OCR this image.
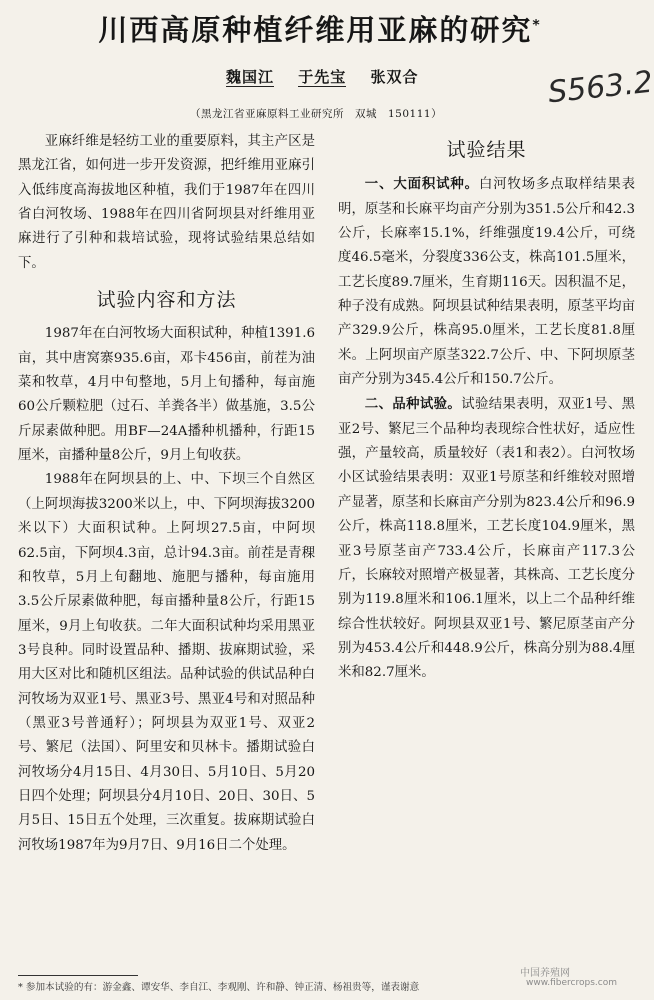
川西高原种植纤维用亚麻的研究*
魏国江 于先宝 张双合	S563.2
（黑龙江省亚麻原料工业研究所　双城　150111）

亚麻纤维是轻纺工业的重要原料，其主产区是黑龙江省，如何进一步开发资源，把纤维用亚麻引入低纬度高海拔地区种植，我们于1987年在四川省白河牧场、1988年在四川省阿坝县对纤维用亚麻进行了引种和栽培试验，现将试验结果总结如下。

试验内容和方法

1987年在白河牧场大面积试种，种植1391.6亩，其中唐窝寨935.6亩，邓卡456亩，前茬为油菜和牧草，4月中旬整地，5月上旬播种，每亩施60公斤颗粒肥（过石、羊粪各半）做基施，3.5公斤尿素做种肥。用BF—24A播种机播种，行距15厘米，亩播种量8公斤，9月上旬收获。

1988年在阿坝县的上、中、下坝三个自然区（上阿坝海拔3200米以上，中、下阿坝海拔3200米以下）大面积试种。上阿坝27.5亩，中阿坝62.5亩，下阿坝4.3亩，总计94.3亩。前茬是青稞和牧草，5月上旬翻地、施肥与播种，每亩施用3.5公斤尿素做种肥，每亩播种量8公斤，行距15厘米，9月上旬收获。二年大面积试种均采用黑亚3号良种。同时设置品种、播期、拔麻期试验，采用大区对比和随机区组法。品种试验的供试品种白河牧场为双亚1号、黑亚3号、黑亚4号和对照品种（黑亚3号普通籽）；阿坝县为双亚1号、双亚2号、繁尼（法国）、阿里安和贝林卡。播期试验白河牧场分4月15日、4月30日、5月10日、5月20日四个处理；阿坝县分4月10日、20日、30日、5月5日、15日五个处理，三次重复。拔麻期试验白河牧场1987年为9月7日、9月16日二个处理。

试验结果

一、大面积试种。白河牧场多点取样结果表明，原茎和长麻平均亩产分别为351.5公斤和42.3公斤，长麻率15.1%，纤维强度19.4公斤，可绕度46.5毫米，分裂度336公支，株高101.5厘米，工艺长度89.7厘米，生育期116天。因积温不足，种子没有成熟。阿坝县试种结果表明，原茎平均亩产329.9公斤，株高95.0厘米，工艺长度81.8厘米。上阿坝亩产原茎322.7公斤、中、下阿坝原茎亩产分别为345.4公斤和150.7公斤。

二、品种试验。试验结果表明，双亚1号、黑亚2号、繁尼三个品种均表现综合性状好，适应性强，产量较高，质量较好（表1和表2）。白河牧场小区试验结果表明：双亚1号原茎和纤维较对照增产显著，原茎和长麻亩产分别为823.4公斤和96.9公斤，株高118.8厘米，工艺长度104.9厘米，黑亚3号原茎亩产733.4公斤，长麻亩产117.3公斤，长麻较对照增产极显著，其株高、工艺长度分别为119.8厘米和106.1厘米，以上二个品种纤维综合性状较好。阿坝县双亚1号、繁尼原茎亩产分别为453.4公斤和448.9公斤，株高分别为88.4厘米和82.7厘米。

* 参加本试验的有：游金鑫、谭安华、李自江、李观刚、许和静、钟正清、杨祖贵等，谨表谢意
中国养殖网
www.fibercrops.com
